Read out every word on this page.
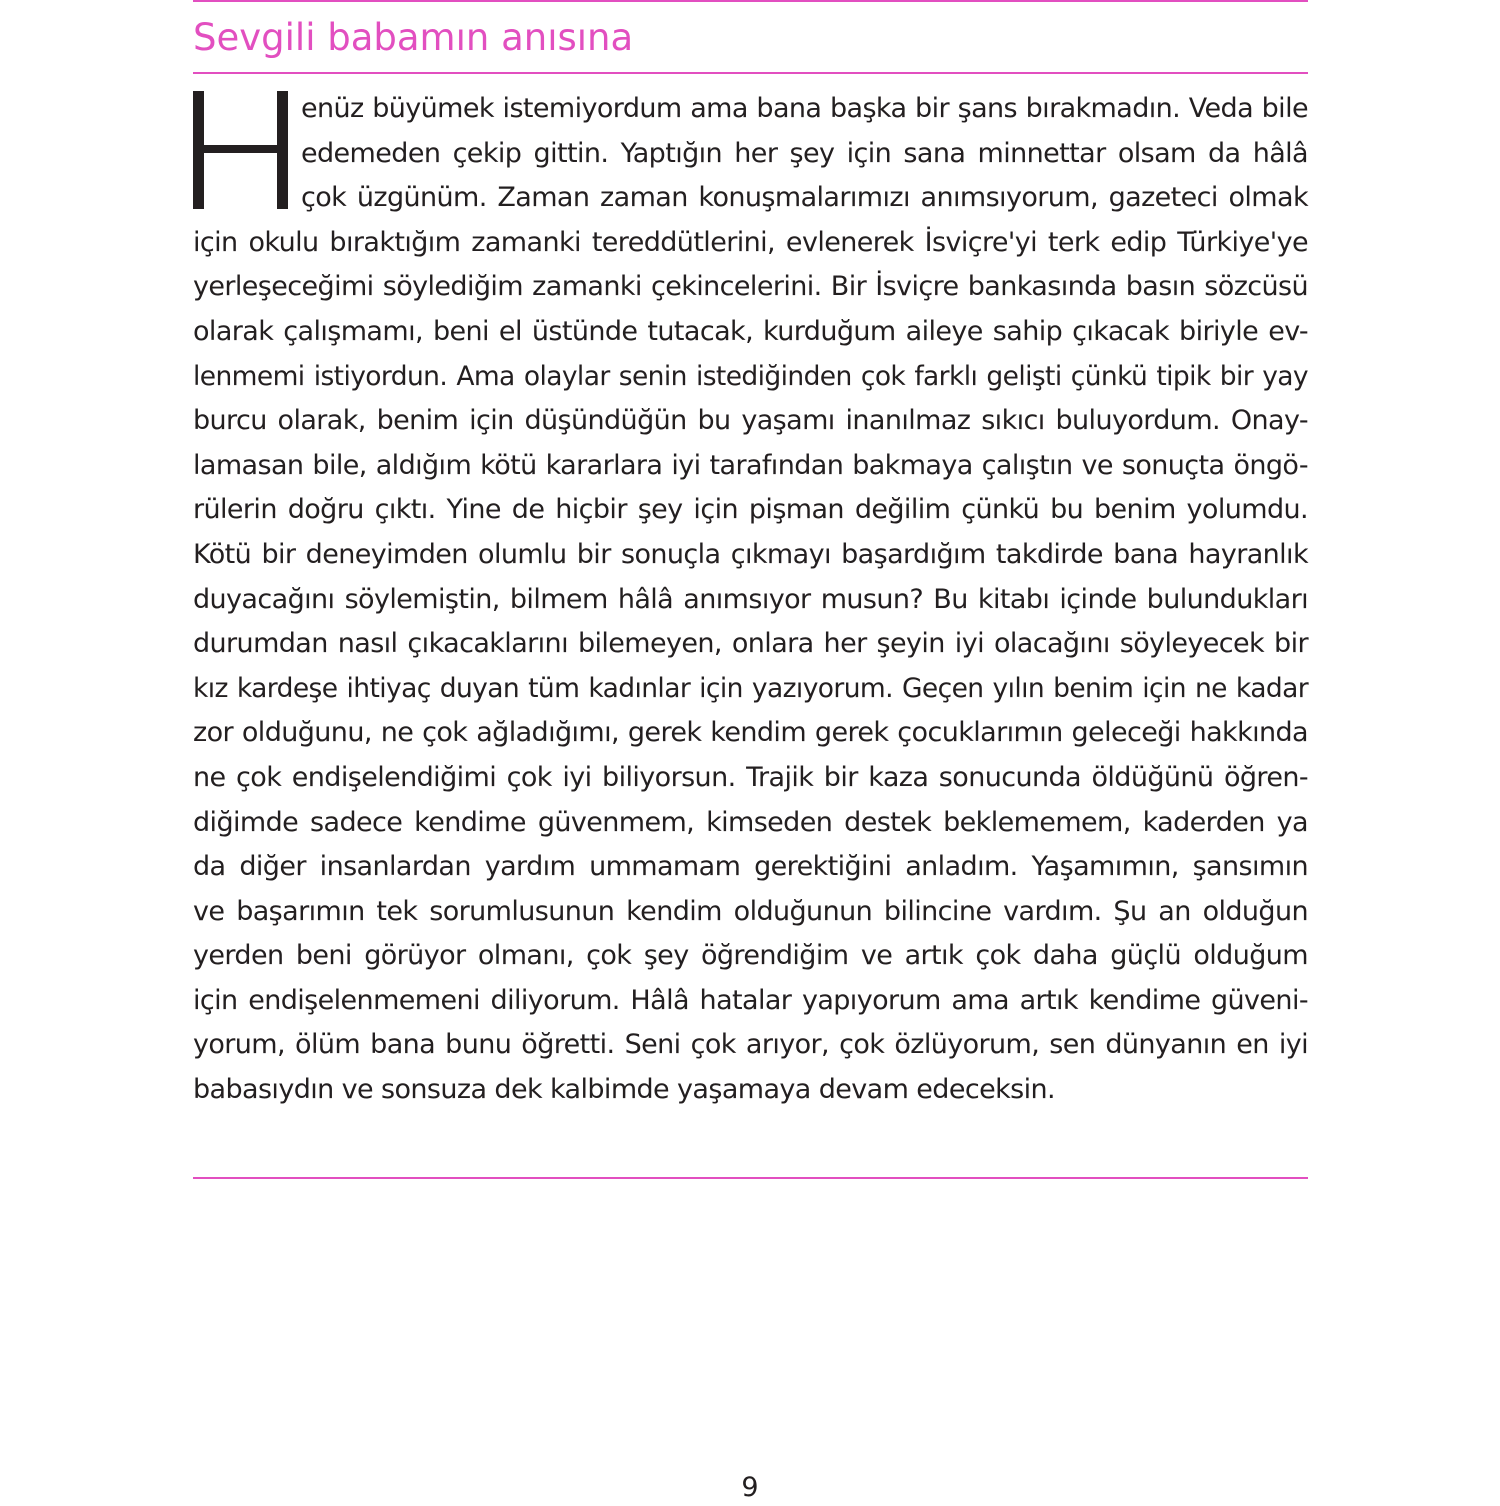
Sevgili babamın anısına
enüz büyümek istemiyordum ama bana başka bir şans bırakmadın. Veda bile
edemeden çekip gittin. Yaptığın her şey için sana minnettar olsam da hâlâ
çok üzgünüm. Zaman zaman konuşmalarımızı anımsıyorum, gazeteci olmak
için okulu bıraktığım zamanki tereddütlerini, evlenerek İsviçre'yi terk edip Türkiye'ye
yerleşeceğimi söylediğim zamanki çekincelerini. Bir İsviçre bankasında basın sözcüsü
olarak çalışmamı, beni el üstünde tutacak, kurduğum aileye sahip çıkacak biriyle ev-
lenmemi istiyordun. Ama olaylar senin istediğinden çok farklı gelişti çünkü tipik bir yay
burcu olarak, benim için düşündüğün bu yaşamı inanılmaz sıkıcı buluyordum. Onay-
lamasan bile, aldığım kötü kararlara iyi tarafından bakmaya çalıştın ve sonuçta öngö-
rülerin doğru çıktı. Yine de hiçbir şey için pişman değilim çünkü bu benim yolumdu.
Kötü bir deneyimden olumlu bir sonuçla çıkmayı başardığım takdirde bana hayranlık
duyacağını söylemiştin, bilmem hâlâ anımsıyor musun? Bu kitabı içinde bulundukları
durumdan nasıl çıkacaklarını bilemeyen, onlara her şeyin iyi olacağını söyleyecek bir
kız kardeşe ihtiyaç duyan tüm kadınlar için yazıyorum. Geçen yılın benim için ne kadar
zor olduğunu, ne çok ağladığımı, gerek kendim gerek çocuklarımın geleceği hakkında
ne çok endişelendiğimi çok iyi biliyorsun. Trajik bir kaza sonucunda öldüğünü öğren-
diğimde sadece kendime güvenmem, kimseden destek beklememem, kaderden ya
da diğer insanlardan yardım ummamam gerektiğini anladım. Yaşamımın, şansımın
ve başarımın tek sorumlusunun kendim olduğunun bilincine vardım. Şu an olduğun
yerden beni görüyor olmanı, çok şey öğrendiğim ve artık çok daha güçlü olduğum
için endişelenmemeni diliyorum. Hâlâ hatalar yapıyorum ama artık kendime güveni-
yorum, ölüm bana bunu öğretti. Seni çok arıyor, çok özlüyorum, sen dünyanın en iyi
babasıydın ve sonsuza dek kalbimde yaşamaya devam edeceksin.
9
